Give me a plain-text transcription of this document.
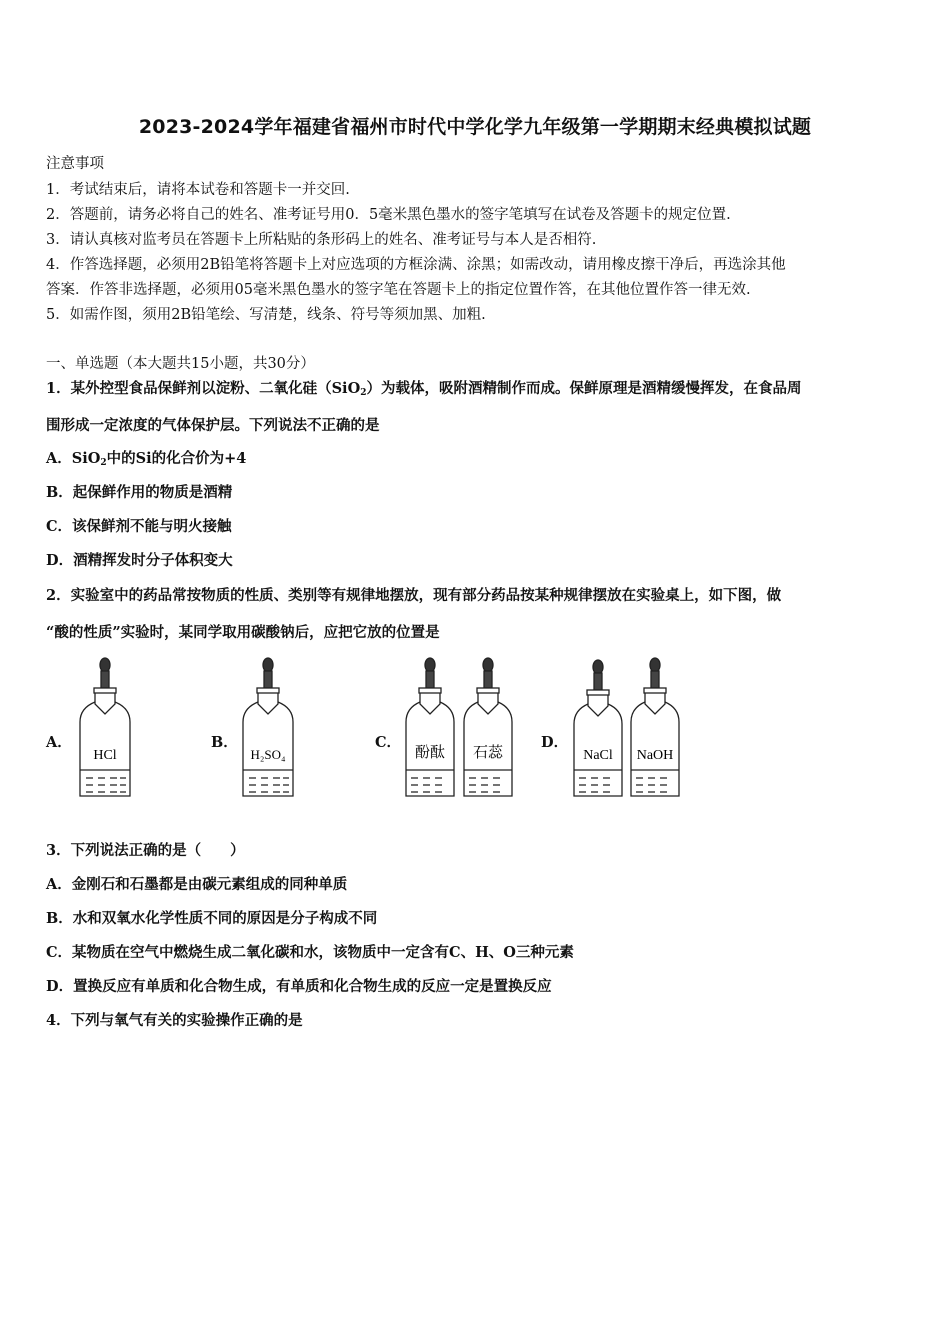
2023-2024学年福建省福州市时代中学化学九年级第一学期期末经典模拟试题
注意事项
1．考试结束后，请将本试卷和答题卡一并交回.
2．答题前，请务必将自己的姓名、准考证号用0．5毫米黑色墨水的签字笔填写在试卷及答题卡的规定位置.
3．请认真核对监考员在答题卡上所粘贴的条形码上的姓名、准考证号与本人是否相符.
4．作答选择题，必须用2B铅笔将答题卡上对应选项的方框涂满、涂黑；如需改动，请用橡皮擦干净后，再选涂其他
答案．作答非选择题，必须用05毫米黑色墨水的签字笔在答题卡上的指定位置作答，在其他位置作答一律无效.
5．如需作图，须用2B铅笔绘、写清楚，线条、符号等须加黑、加粗.
一、单选题（本大题共15小题，共30分）
1．某外控型食品保鲜剂以淀粉、二氧化硅（SiO$_2$）为载体，吸附酒精制作而成。保鲜原理是酒精缓慢挥发，在食品周
围形成一定浓度的气体保护层。下列说法不正确的是
A．SiO$_2$中的Si的化合价为+4
B．起保鲜作用的物质是酒精
C．该保鲜剂不能与明火接触
D．酒精挥发时分子体积变大
2．实验室中的药品常按物质的性质、类别等有规律地摆放，现有部分药品按某种规律摆放在实验桌上，如下图，做
“酸的性质”实验时，某同学取用碳酸钠后，应把它放的位置是
A．	B．	C．	D．
HCl	H₂SO₄	酚酞 石蕊	NaCl NaOH
3．下列说法正确的是（　　）
A．金刚石和石墨都是由碳元素组成的同种单质
B．水和双氧水化学性质不同的原因是分子构成不同
C．某物质在空气中燃烧生成二氧化碳和水，该物质中一定含有C、H、O三种元素
D．置换反应有单质和化合物生成，有单质和化合物生成的反应一定是置换反应
4．下列与氧气有关的实验操作正确的是
